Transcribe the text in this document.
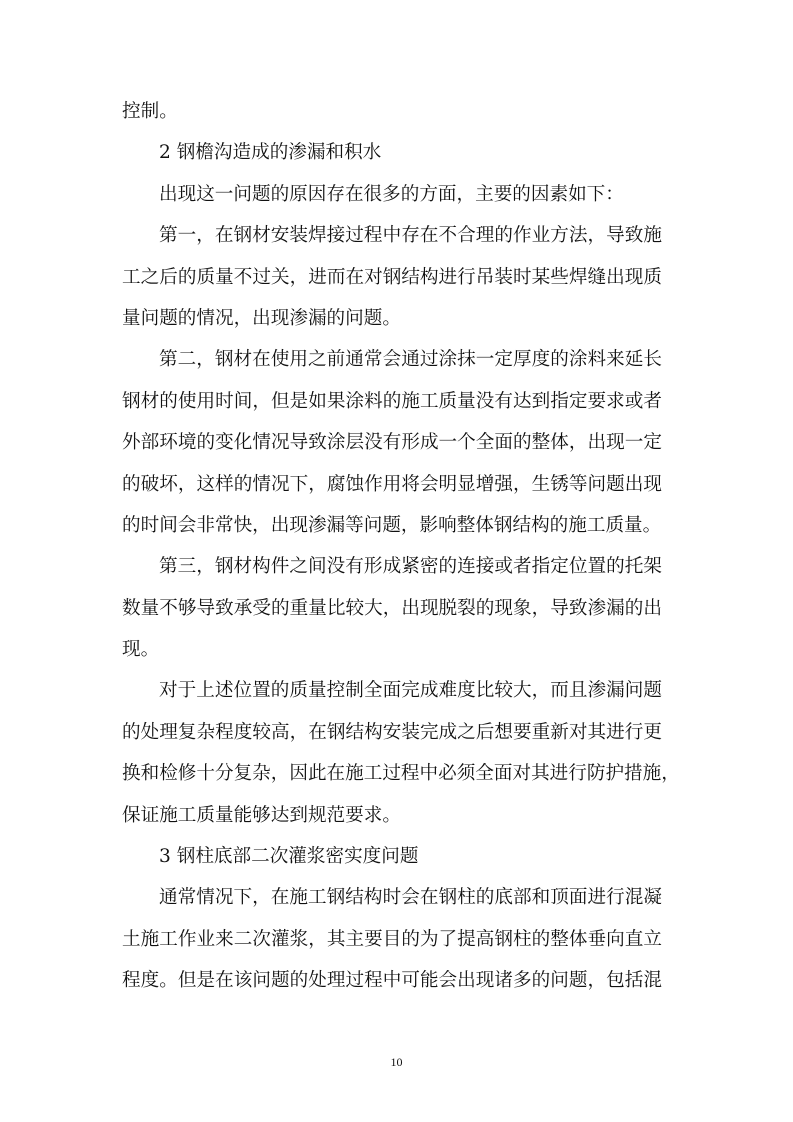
控制。
2 钢檐沟造成的渗漏和积水
出现这一问题的原因存在很多的方面，主要的因素如下：
第一，在钢材安装焊接过程中存在不合理的作业方法，导致施
工之后的质量不过关，进而在对钢结构进行吊装时某些焊缝出现质
量问题的情况，出现渗漏的问题。
第二，钢材在使用之前通常会通过涂抹一定厚度的涂料来延长
钢材的使用时间，但是如果涂料的施工质量没有达到指定要求或者
外部环境的变化情况导致涂层没有形成一个全面的整体，出现一定
的破坏，这样的情况下，腐蚀作用将会明显增强，生锈等问题出现
的时间会非常快，出现渗漏等问题，影响整体钢结构的施工质量。
第三，钢材构件之间没有形成紧密的连接或者指定位置的托架
数量不够导致承受的重量比较大，出现脱裂的现象，导致渗漏的出
现。
对于上述位置的质量控制全面完成难度比较大，而且渗漏问题
的处理复杂程度较高，在钢结构安装完成之后想要重新对其进行更
换和检修十分复杂，因此在施工过程中必须全面对其进行防护措施，
保证施工质量能够达到规范要求。
3 钢柱底部二次灌浆密实度问题
通常情况下，在施工钢结构时会在钢柱的底部和顶面进行混凝
土施工作业来二次灌浆，其主要目的为了提高钢柱的整体垂向直立
程度。但是在该问题的处理过程中可能会出现诸多的问题，包括混
10
